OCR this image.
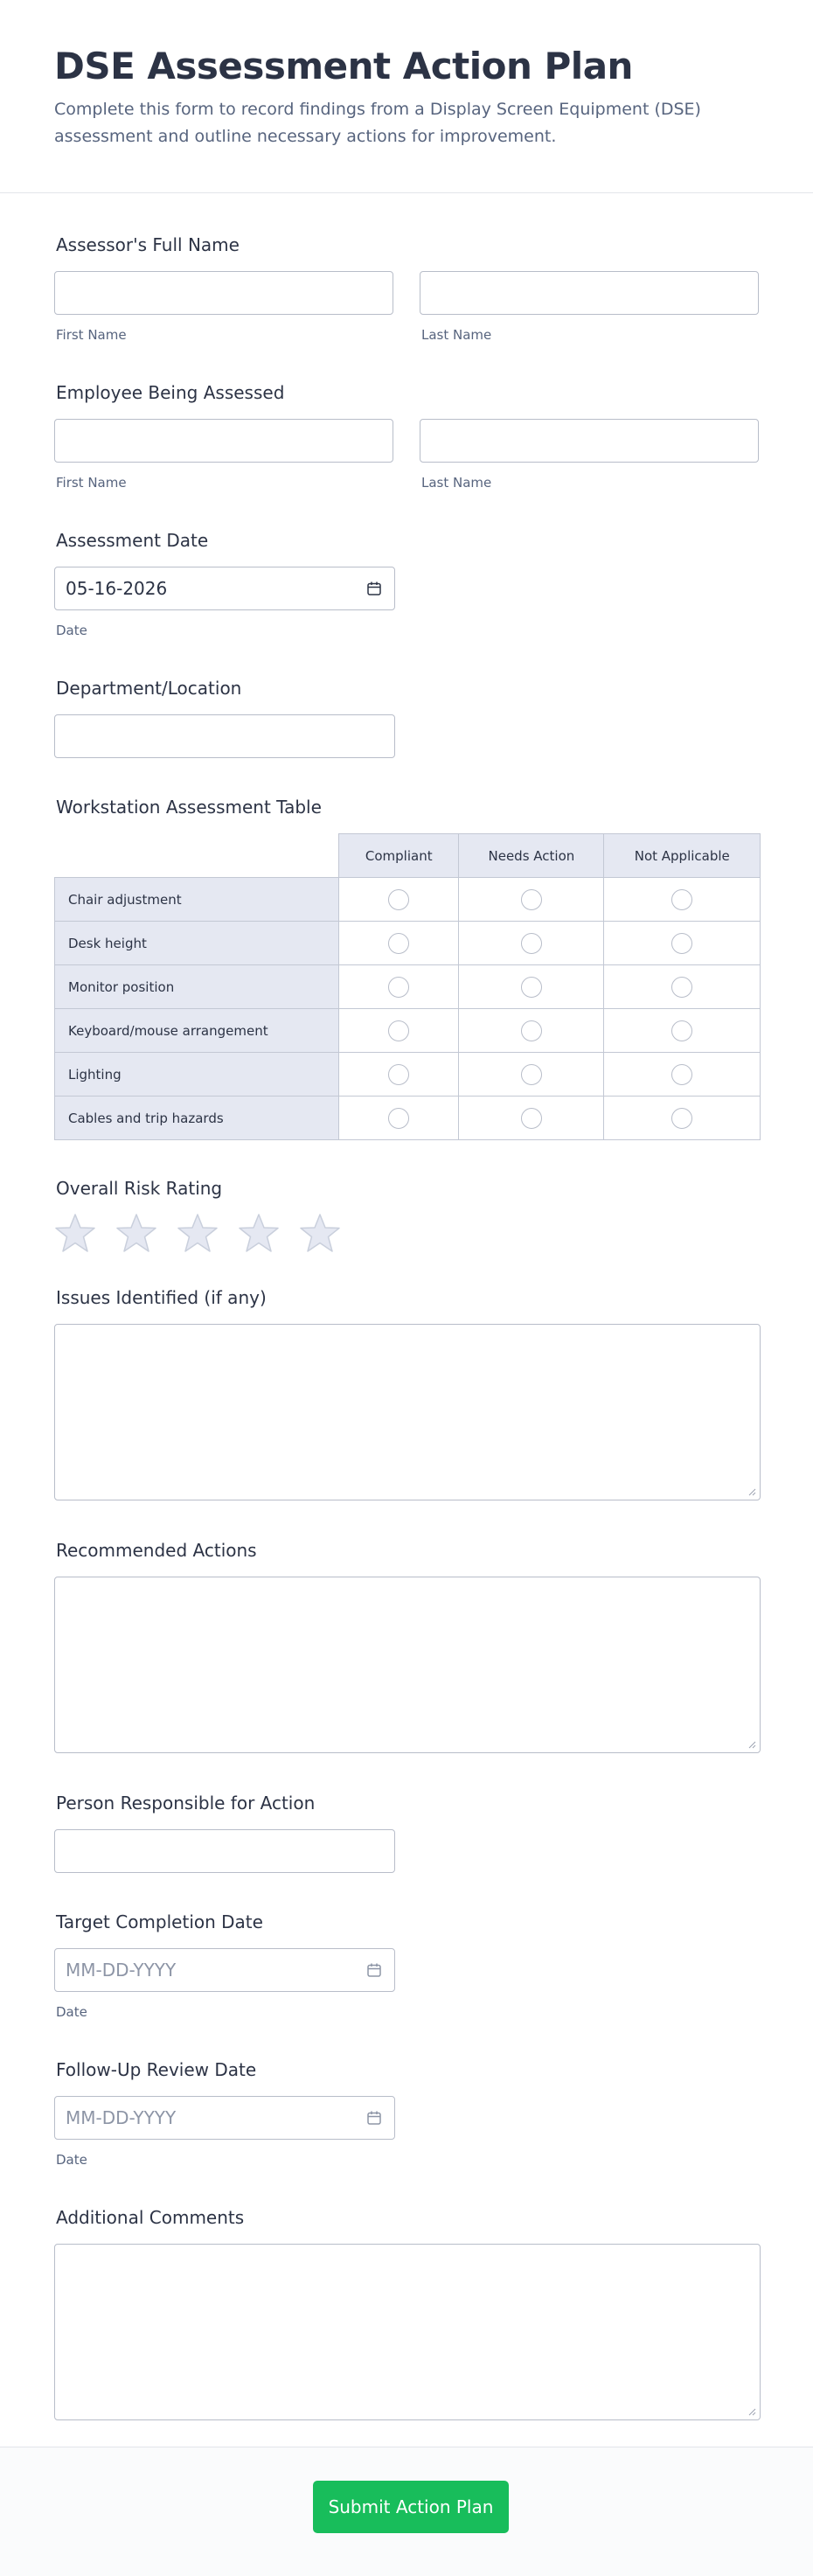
DSE Assessment Action Plan
Complete this form to record findings from a Display Screen Equipment (DSE) assessment and outline necessary actions for improvement.
Assessor's Full Name
First Name	Last Name
Employee Being Assessed
First Name	Last Name
Assessment Date
05-16-2026
Date
Department/Location
Workstation Assessment Table
	Compliant	Needs Action	Not Applicable
Chair adjustment			
Desk height			
Monitor position			
Keyboard/mouse arrangement			
Lighting			
Cables and trip hazards			
Overall Risk Rating
Issues Identified (if any)
Recommended Actions
Person Responsible for Action
Target Completion Date
MM-DD-YYYY
Date
Follow-Up Review Date
MM-DD-YYYY
Date
Additional Comments
Submit Action Plan
